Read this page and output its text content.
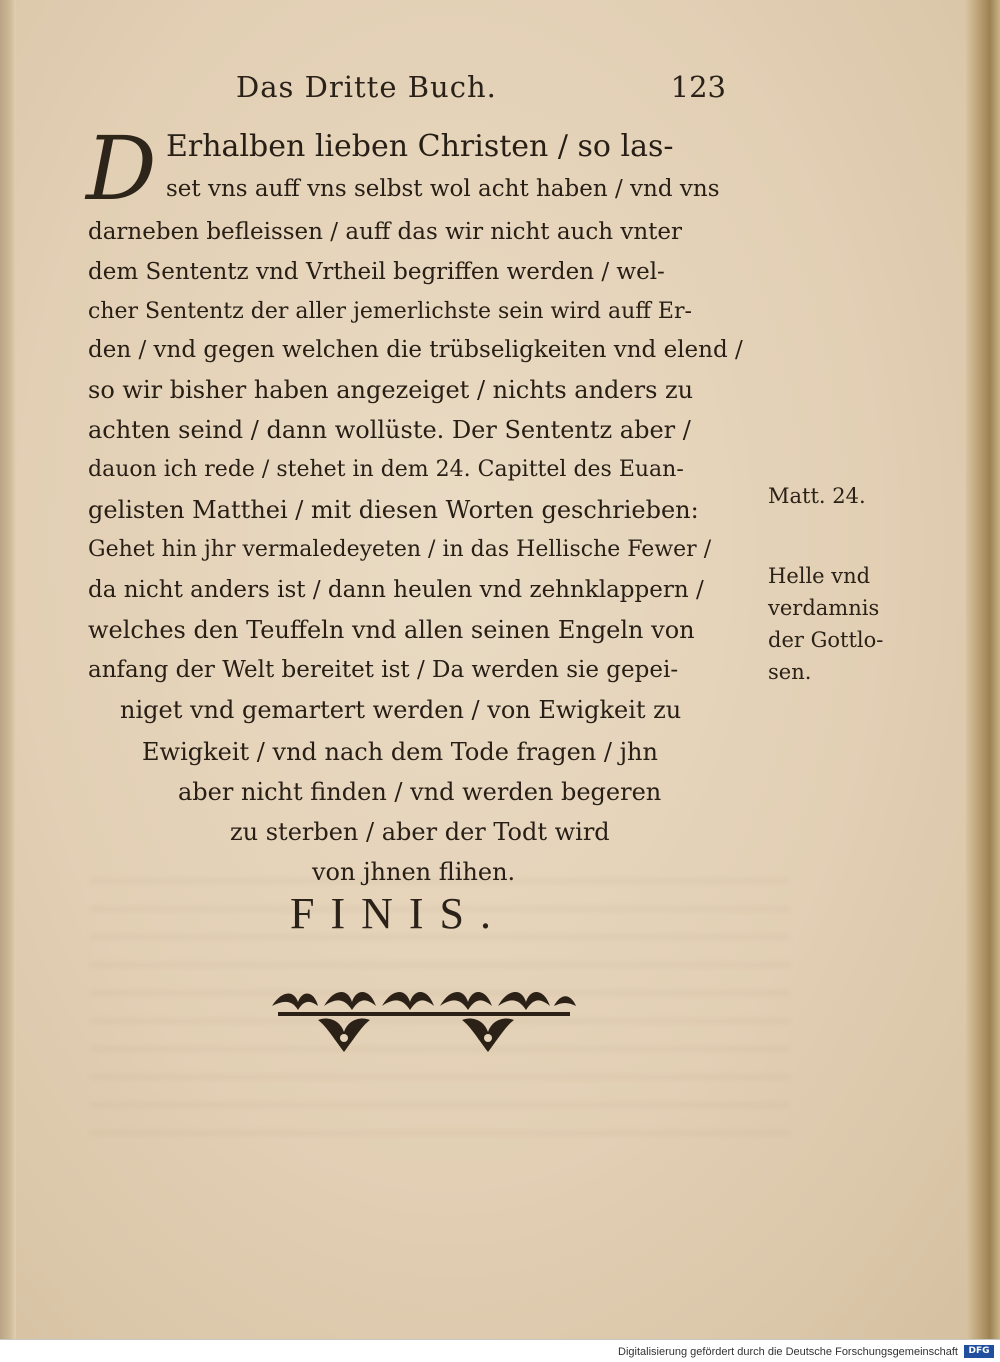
Das Dritte Buch.	123
D Erhalben lieben Christen / so las-
set vns auff vns selbst wol acht haben / vnd vns
darneben befleissen / auff das wir nicht auch vnter
dem Sententz vnd Vrtheil begriffen werden / wel-
cher Sententz der aller jemerlichste sein wird auff Er-
den / vnd gegen welchen die trübseligkeiten vnd elend /
so wir bisher haben angezeiget / nichts anders zu
achten seind / dann wollüste. Der Sententz aber /
dauon ich rede / stehet in dem 24. Capittel des Euan-
gelisten Matthei / mit diesen Worten geschrieben:
Gehet hin jhr vermaledeyeten / in das Hellische Fewer /
da nicht anders ist / dann heulen vnd zehnklappern /
welches den Teuffeln vnd allen seinen Engeln von
anfang der Welt bereitet ist / Da werden sie gepei-
niget vnd gemartert werden / von Ewigkeit zu
Ewigkeit / vnd nach dem Tode fragen / jhn
aber nicht finden / vnd werden begeren
zu sterben / aber der Todt wird
von jhnen flihen.
Matt. 24.
Helle vnd
verdamnis
der Gottlo-
sen.
FINIS.
Digitalisierung gefördert durch die Deutsche Forschungsgemeinschaft	DFG
